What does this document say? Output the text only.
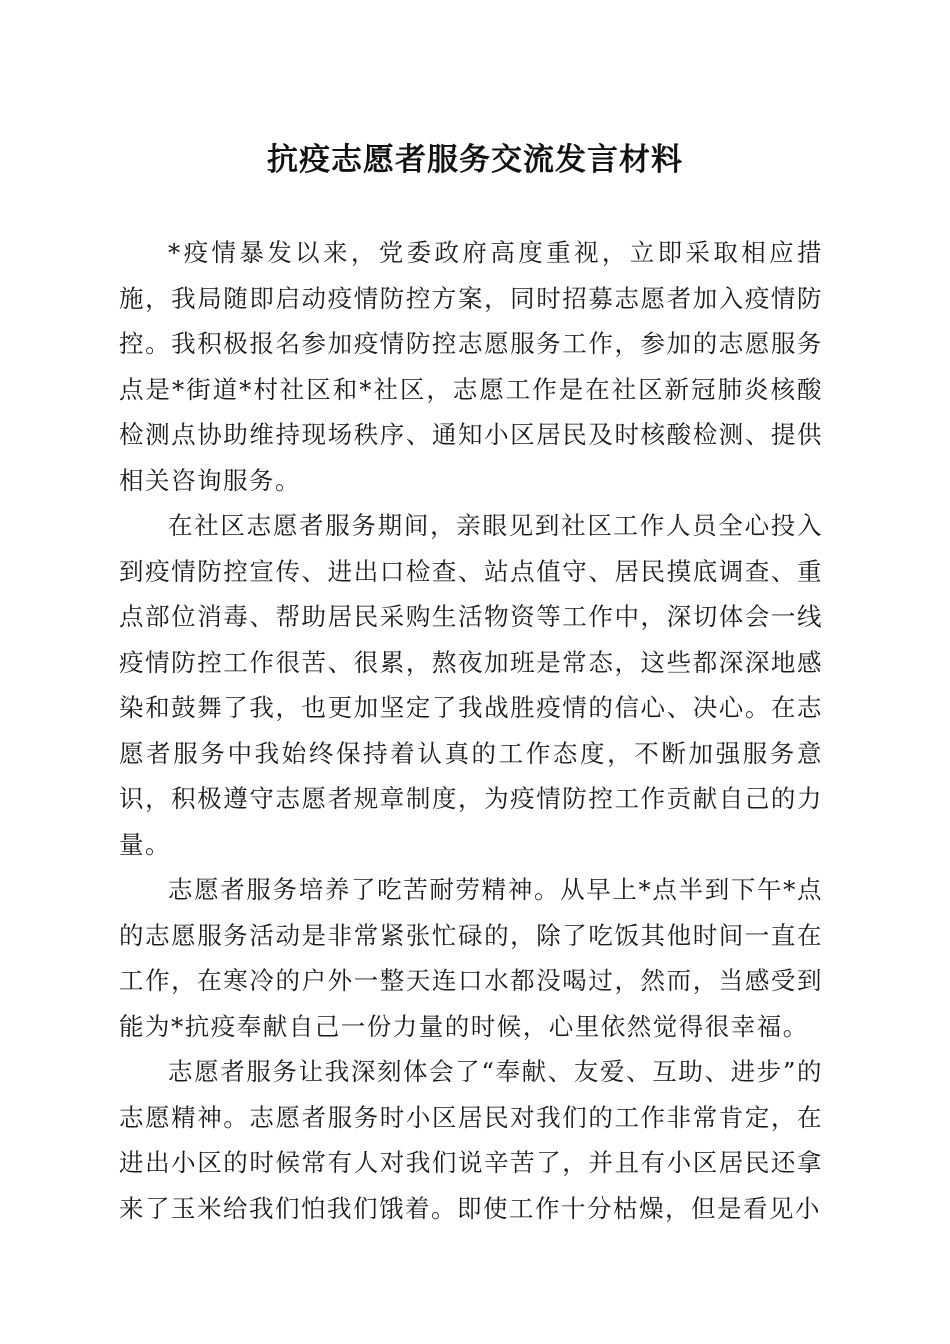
抗疫志愿者服务交流发言材料

*疫情暴发以来，党委政府高度重视，立即采取相应措施，我局随即启动疫情防控方案，同时招募志愿者加入疫情防控。我积极报名参加疫情防控志愿服务工作，参加的志愿服务点是*街道*村社区和*社区，志愿工作是在社区新冠肺炎核酸检测点协助维持现场秩序、通知小区居民及时核酸检测、提供相关咨询服务。

在社区志愿者服务期间，亲眼见到社区工作人员全心投入到疫情防控宣传、进出口检查、站点值守、居民摸底调查、重点部位消毒、帮助居民采购生活物资等工作中，深切体会一线疫情防控工作很苦、很累，熬夜加班是常态，这些都深深地感染和鼓舞了我，也更加坚定了我战胜疫情的信心、决心。在志愿者服务中我始终保持着认真的工作态度，不断加强服务意识，积极遵守志愿者规章制度，为疫情防控工作贡献自己的力量。

志愿者服务培养了吃苦耐劳精神。从早上*点半到下午*点的志愿服务活动是非常紧张忙碌的，除了吃饭其他时间一直在工作，在寒冷的户外一整天连口水都没喝过，然而，当感受到能为*抗疫奉献自己一份力量的时候，心里依然觉得很幸福。

志愿者服务让我深刻体会了“奉献、友爱、互助、进步”的志愿精神。志愿者服务时小区居民对我们的工作非常肯定，在进出小区的时候常有人对我们说辛苦了，并且有小区居民还拿来了玉米给我们怕我们饿着。即使工作十分枯燥，但是看见小
